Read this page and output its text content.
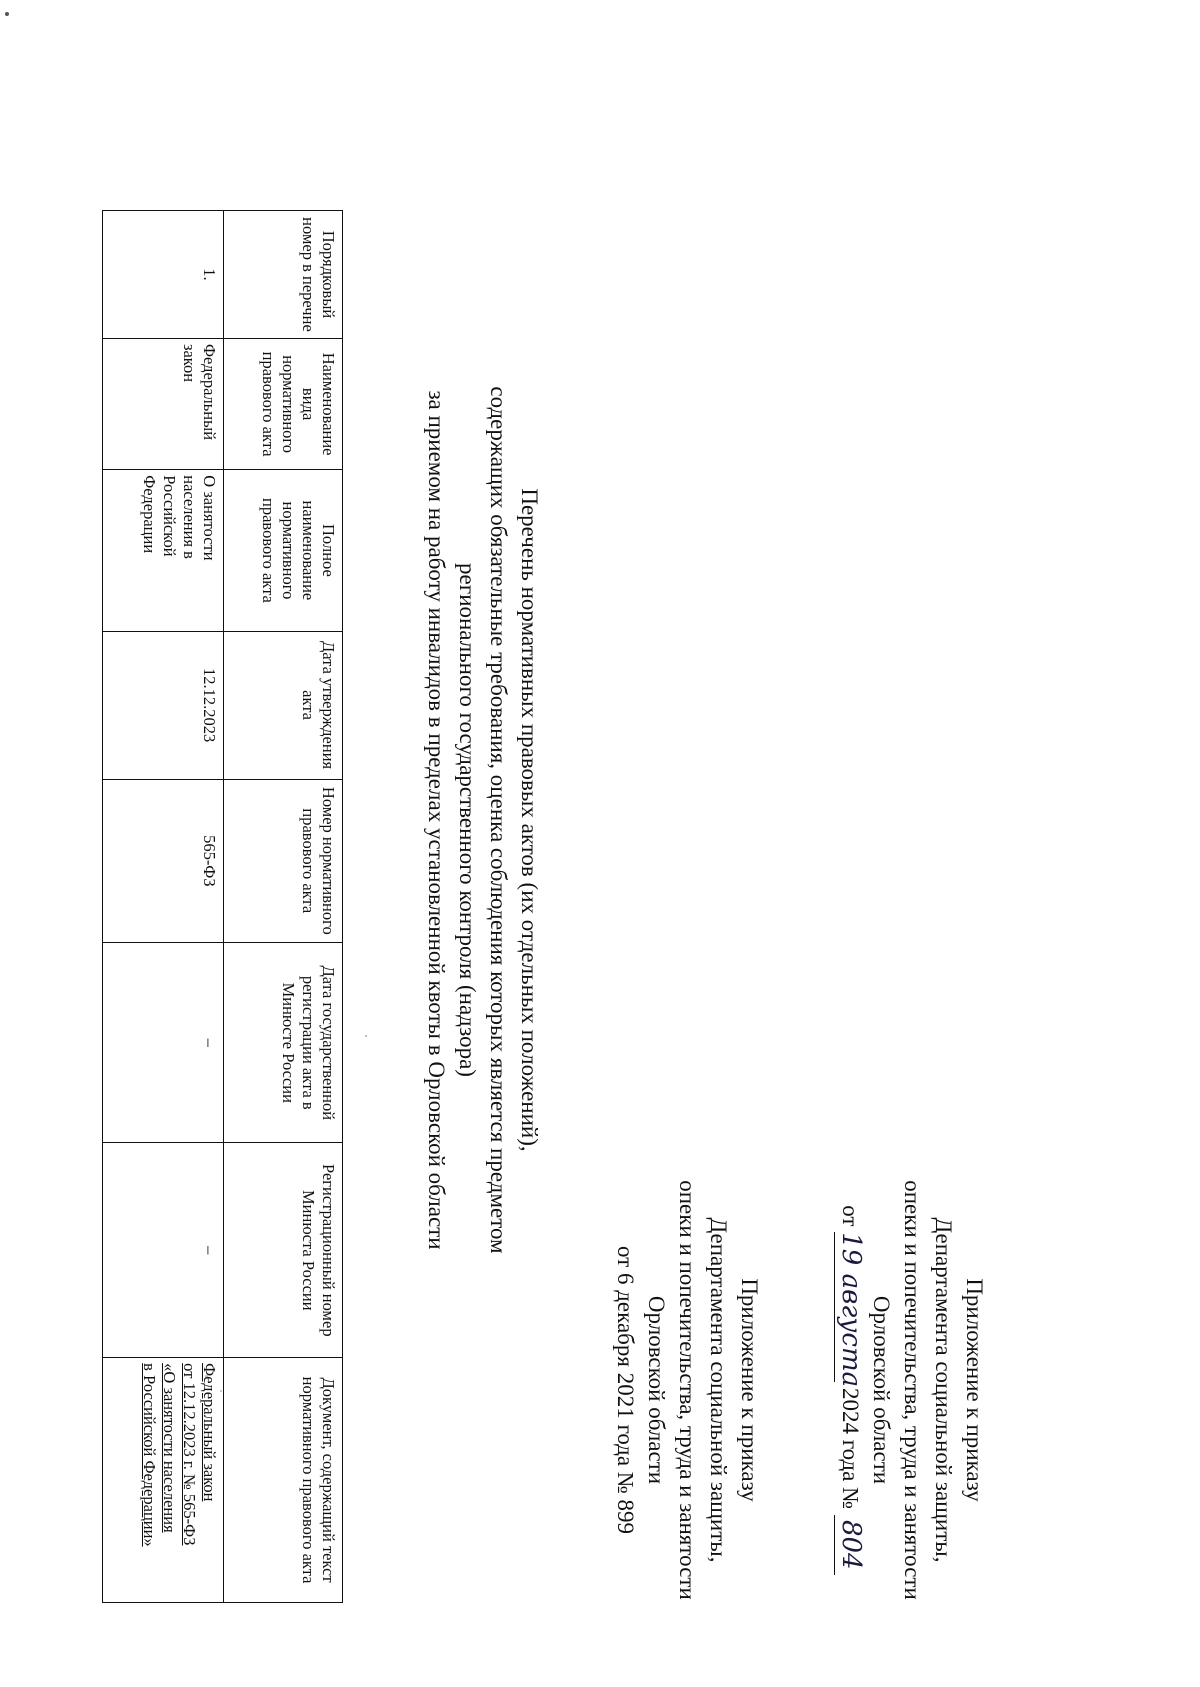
Приложение к приказу
Департамента социальной защиты,
опеки и попечительства, труда и занятости
Орловской области
от 19 августа 2024 года № 804
Приложение к приказу
Департамента социальной защиты,
опеки и попечительства, труда и занятости
Орловской области
от 6 декабря 2021 года № 899
Перечень нормативных правовых актов (их отдельных положений),
содержащих обязательные требования, оценка соблюдения которых является предметом
регионального государственного контроля (надзора)
за приемом на работу инвалидов в пределах установленной квоты в Орловской области
Порядковый номер в перечне	Наименование вида нормативного правового акта	Полное наименование нормативного правового акта	Дата утверждения акта	Номер нормативного правового акта	Дата государственной регистрации акта в Минюсте России	Регистрационный номер Минюста России	Документ, содержащий текст нормативного правового акта
1.	Федеральный закон	О занятости населения в Российской Федерации	12.12.2023	565-ФЗ	–	–	Федеральный закон
от 12.12.2023 г. № 565-ФЗ
«О занятости населения
в Российской Федерации»
